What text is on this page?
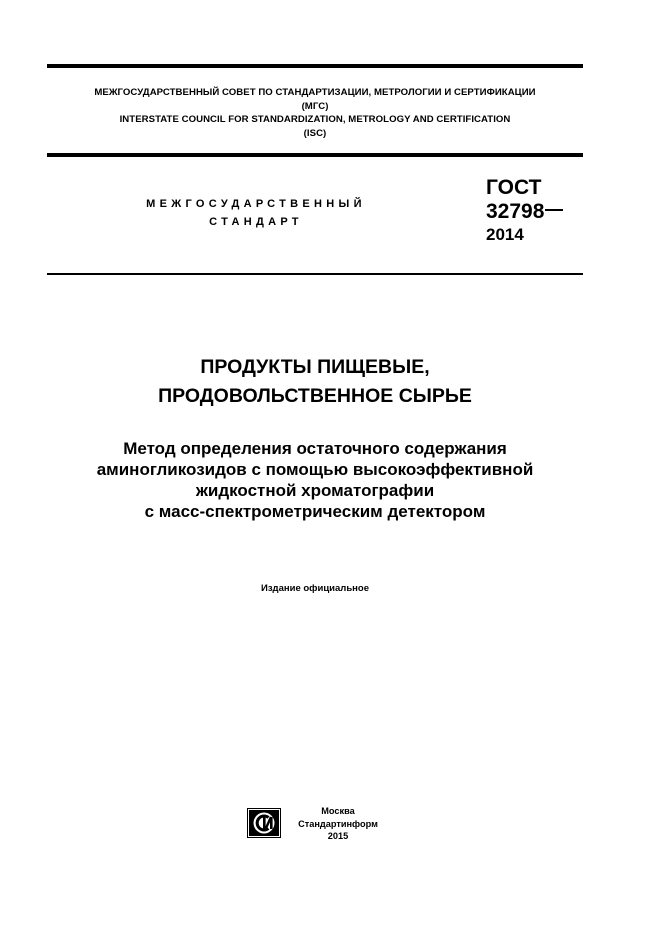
МЕЖГОСУДАРСТВЕННЫЙ СОВЕТ ПО СТАНДАРТИЗАЦИИ, МЕТРОЛОГИИ И СЕРТИФИКАЦИИ
(МГС)
INTERSTATE COUNCIL FOR STANDARDIZATION, METROLOGY AND CERTIFICATION
(ISC)
МЕЖГОСУДАРСТВЕННЫЙ
СТАНДАРТ
ГОСТ
32798
2014
ПРОДУКТЫ ПИЩЕВЫЕ,
ПРОДОВОЛЬСТВЕННОЕ СЫРЬЕ
Метод определения остаточного содержания
аминогликозидов с помощью высокоэффективной
жидкостной хроматографии
с масс-спектрометрическим детектором
Издание официальное
Москва
Стандартинформ
2015
